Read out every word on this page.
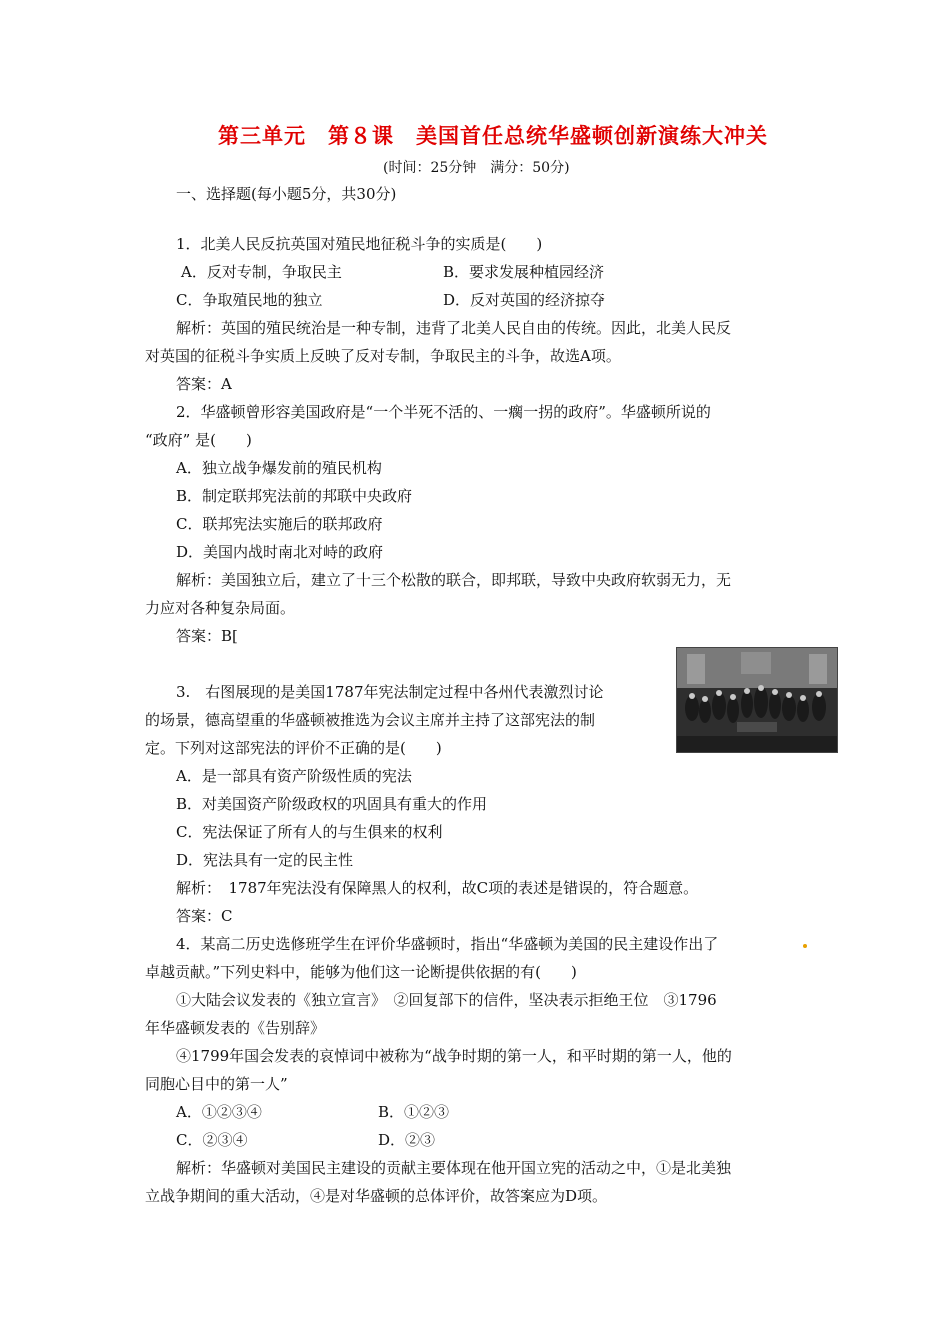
第三单元　第８课　美国首任总统华盛顿创新演练大冲关
(时间：25分钟　满分：50分)
一、选择题(每小题5分，共30分)
1．北美人民反抗英国对殖民地征税斗争的实质是(　　)
A．反对专制，争取民主	B．要求发展种植园经济
C．争取殖民地的独立	D．反对英国的经济掠夺
解析：英国的殖民统治是一种专制，违背了北美人民自由的传统。因此，北美人民反
对英国的征税斗争实质上反映了反对专制，争取民主的斗争，故选A项。
答案：A
2．华盛顿曾形容美国政府是“一个半死不活的、一瘸一拐的政府”。华盛顿所说的
“政府” 是(　　)
A．独立战争爆发前的殖民机构
B．制定联邦宪法前的邦联中央政府
C．联邦宪法实施后的联邦政府
D．美国内战时南北对峙的政府
解析：美国独立后，建立了十三个松散的联合，即邦联，导致中央政府软弱无力，无
力应对各种复杂局面。
答案：B[
3.　右图展现的是美国1787年宪法制定过程中各州代表激烈讨论
的场景，德高望重的华盛顿被推选为会议主席并主持了这部宪法的制
定。下列对这部宪法的评价不正确的是(　　)
A．是一部具有资产阶级性质的宪法
B．对美国资产阶级政权的巩固具有重大的作用
C．宪法保证了所有人的与生俱来的权利
D．宪法具有一定的民主性
解析：　1787年宪法没有保障黑人的权利，故C项的表述是错误的，符合题意。
答案：C
4．某高二历史选修班学生在评价华盛顿时，指出“华盛顿为美国的民主建设作出了
卓越贡献。”下列史料中，能够为他们这一论断提供依据的有(　　)
①大陆会议发表的《独立宣言》　②回复部下的信件，坚决表示拒绝王位　③1796
年华盛顿发表的《告别辞》
④1799年国会发表的哀悼词中被称为“战争时期的第一人，和平时期的第一人，他的
同胞心目中的第一人”
A．①②③④	B．①②③
C．②③④	D．②③
解析：华盛顿对美国民主建设的贡献主要体现在他开国立宪的活动之中，①是北美独
立战争期间的重大活动，④是对华盛顿的总体评价，故答案应为D项。
